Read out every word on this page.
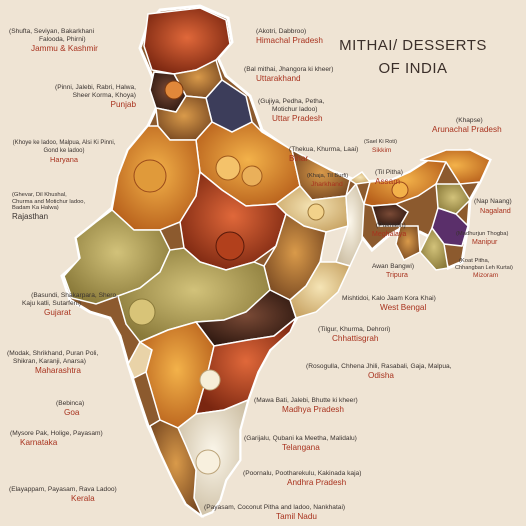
MITHAI/ DESSERTS
OF INDIA
(Shufta, Seviyan, Bakarkhani
Falooda, Phirni)
Jammu & Kashmir
(Akotri, Dabbroo)
Himachal Pradesh
(Bal mithai, Jhangora ki kheer)
Uttarakhand
(Pinni, Jalebi, Rabri, Halwa,
Sheer Korma, Khoya)
Punjab	(Gujiya, Pedha, Petha,
Motichur ladoo)
Uttar Pradesh
(Khoye ke ladoo, Malpua, Alsi Ki Pinni,
Gond ke ladoo)
Haryana
(Thekua, Khurma, Laai)
Bihar
(Sael Ki Roti)
Sikkim
(Khapse)
Arunachal Pradesh
(Khaja, Til Burfi)
Jharkhand
(Til Pitha)
Assam
(Ghevar, Dil Khushal,
Churma and Motichur ladoo,
Badam Ka Halwa)
Rajasthan
(Nap Naang)
Nagaland
(Pukhlein)
Meghalaya	(Madhurjun Thogba)
Manipur
Awan Bangwi)
Tripura
(Koat Pitha,
Chhangban Leh Kurtai)
Mizoram
(Basundi, Shakarpara, Shero,
Kaju katli, Sutarfeni)
Gujarat
Mishtidoi, Kalo Jaam Kora Khai)
West Bengal
(Tilgur, Khurma, Dehrori)
Chhattisgrah
(Modak, Shrikhand, Puran Poli,
Shikran, Karanji, Anarsa)
Maharashtra	(Rosogulla, Chhena Jhili, Rasabali, Gaja, Malpua,
Odisha
(Bebinca)
Goa
(Mawa Bati, Jalebi, Bhutte ki kheer)
Madhya Pradesh
(Mysore Pak, Holige, Payasam)
Karnataka	(Garijalu, Qubani ka Meetha, Malidalu)
Telangana
(Poornalu, Pootharekulu, Kakinada kaja)
Andhra Pradesh
(Elayappam, Payasam, Rava Ladoo)
Kerala
(Payasam, Coconut Pitha and ladoo, Nankhatai)
Tamil Nadu
